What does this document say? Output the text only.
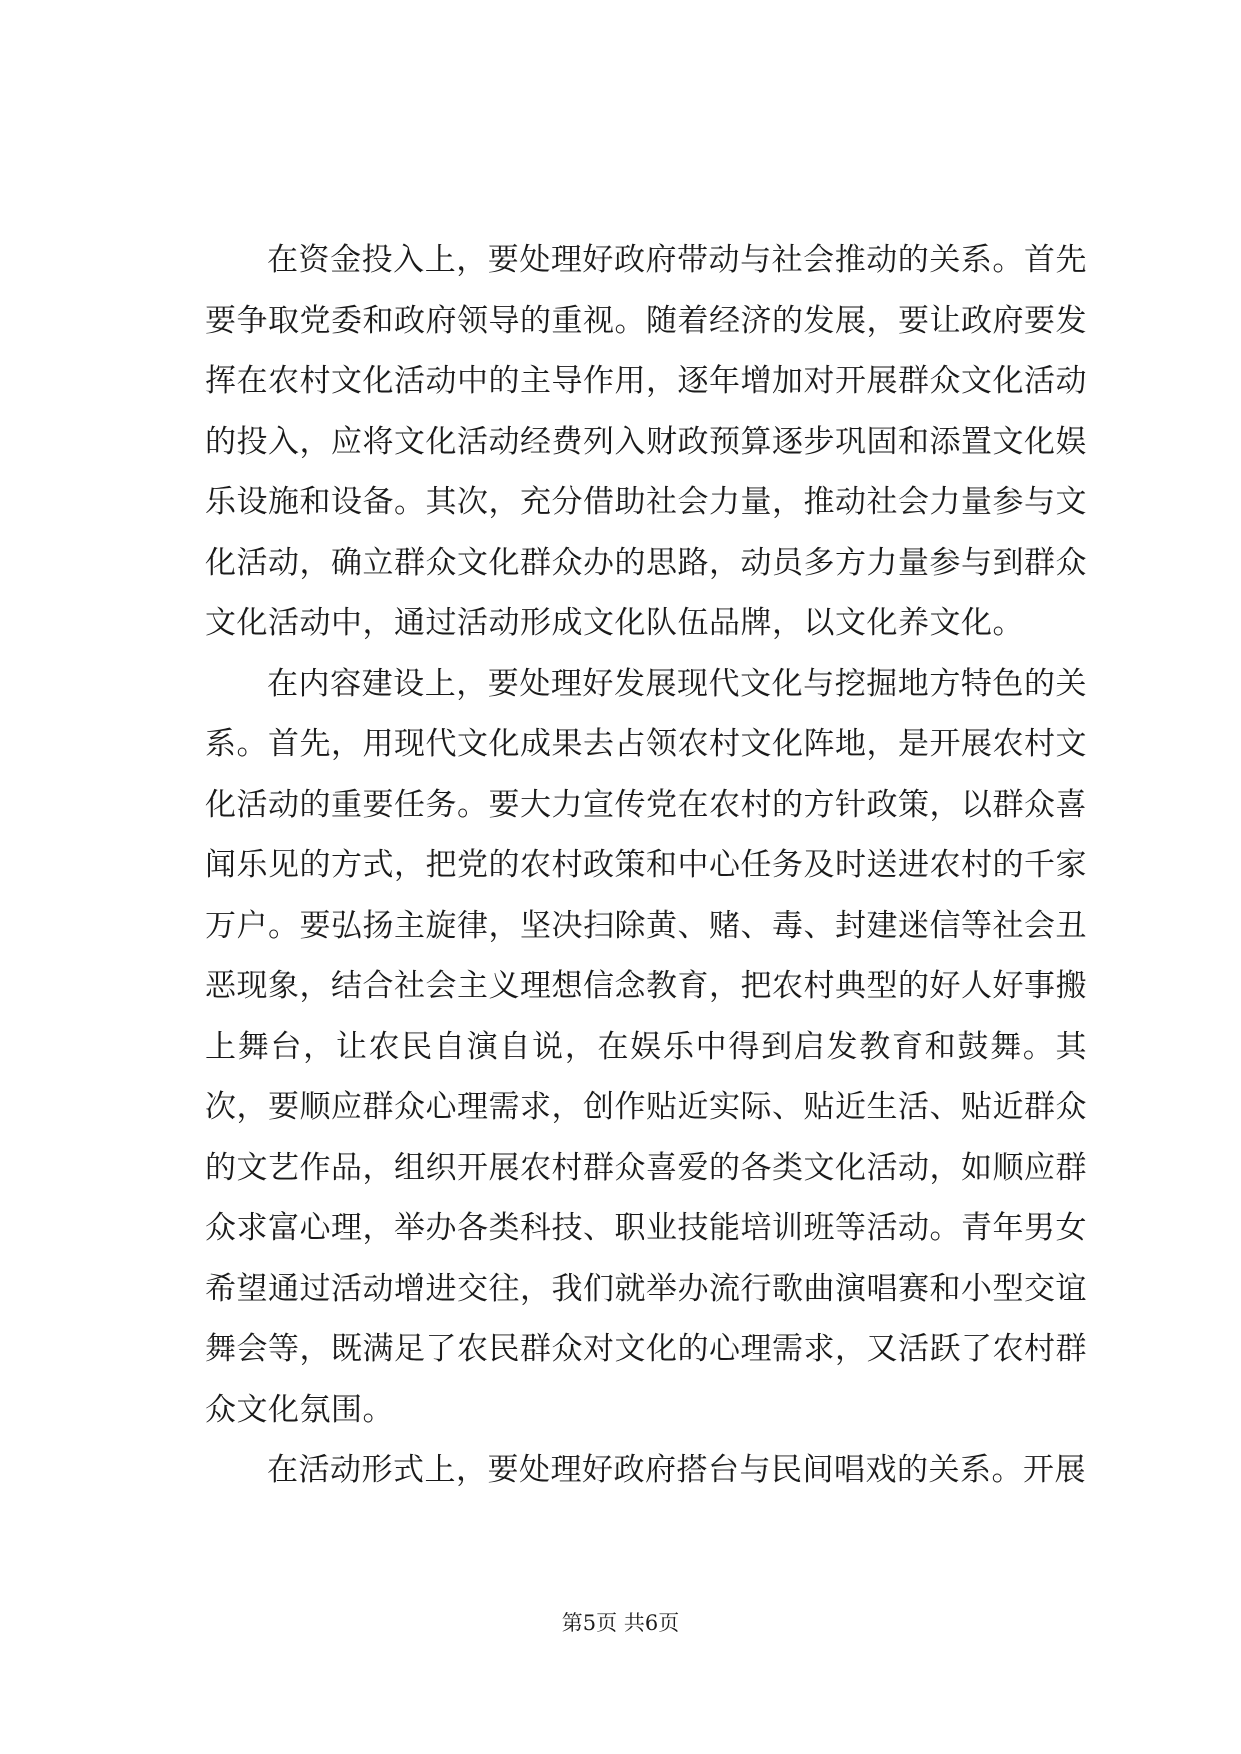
在资金投入上，要处理好政府带动与社会推动的关系。首先要争取党委和政府领导的重视。随着经济的发展，要让政府要发挥在农村文化活动中的主导作用，逐年增加对开展群众文化活动的投入，应将文化活动经费列入财政预算逐步巩固和添置文化娱乐设施和设备。其次，充分借助社会力量，推动社会力量参与文化活动，确立群众文化群众办的思路，动员多方力量参与到群众文化活动中，通过活动形成文化队伍品牌，以文化养文化。

在内容建设上，要处理好发展现代文化与挖掘地方特色的关系。首先，用现代文化成果去占领农村文化阵地，是开展农村文化活动的重要任务。要大力宣传党在农村的方针政策，以群众喜闻乐见的方式，把党的农村政策和中心任务及时送进农村的千家万户。要弘扬主旋律，坚决扫除黄、赌、毒、封建迷信等社会丑恶现象，结合社会主义理想信念教育，把农村典型的好人好事搬上舞台，让农民自演自说，在娱乐中得到启发教育和鼓舞。其次，要顺应群众心理需求，创作贴近实际、贴近生活、贴近群众的文艺作品，组织开展农村群众喜爱的各类文化活动，如顺应群众求富心理，举办各类科技、职业技能培训班等活动。青年男女希望通过活动增进交往，我们就举办流行歌曲演唱赛和小型交谊舞会等，既满足了农民群众对文化的心理需求，又活跃了农村群众文化氛围。

在活动形式上，要处理好政府搭台与民间唱戏的关系。开展

第5页 共6页
